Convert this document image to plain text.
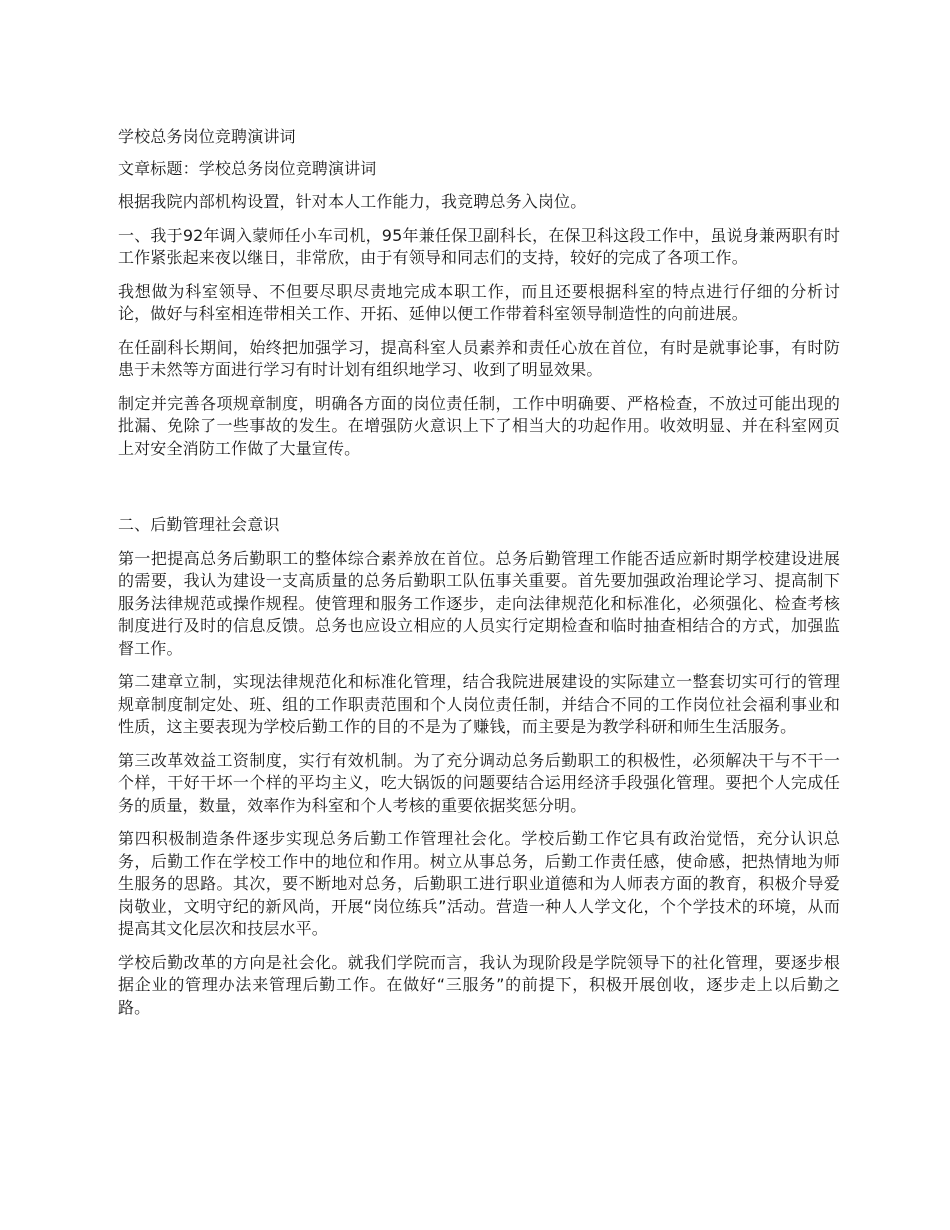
学校总务岗位竞聘演讲词

文章标题：学校总务岗位竞聘演讲词

根据我院内部机构设置，针对本人工作能力，我竞聘总务入岗位。

一、我于92年调入蒙师任小车司机，95年兼任保卫副科长，在保卫科这段工作中，虽说身兼两职有时工作紧张起来夜以继日，非常欣，由于有领导和同志们的支持，较好的完成了各项工作。

我想做为科室领导、不但要尽职尽责地完成本职工作，而且还要根据科室的特点进行仔细的分析讨论，做好与科室相连带相关工作、开拓、延伸以便工作带着科室领导制造性的向前进展。

在任副科长期间，始终把加强学习，提高科室人员素养和责任心放在首位，有时是就事论事，有时防患于未然等方面进行学习有时计划有组织地学习、收到了明显效果。

制定并完善各项规章制度，明确各方面的岗位责任制，工作中明确要、严格检查，不放过可能出现的批漏、免除了一些事故的发生。在增强防火意识上下了相当大的功起作用。收效明显、并在科室网页上对安全消防工作做了大量宣传。

二、后勤管理社会意识

第一把提高总务后勤职工的整体综合素养放在首位。总务后勤管理工作能否适应新时期学校建设进展的需要，我认为建设一支高质量的总务后勤职工队伍事关重要。首先要加强政治理论学习、提高制下服务法律规范或操作规程。使管理和服务工作逐步，走向法律规范化和标准化，必须强化、检查考核制度进行及时的信息反馈。总务也应设立相应的人员实行定期检查和临时抽查相结合的方式，加强监督工作。

第二建章立制，实现法律规范化和标准化管理，结合我院进展建设的实际建立一整套切实可行的管理规章制度制定处、班、组的工作职责范围和个人岗位责任制，并结合不同的工作岗位社会福利事业和性质，这主要表现为学校后勤工作的目的不是为了赚钱，而主要是为教学科研和师生生活服务。

第三改革效益工资制度，实行有效机制。为了充分调动总务后勤职工的积极性，必须解决干与不干一个样，干好干坏一个样的平均主义，吃大锅饭的问题要结合运用经济手段强化管理。要把个人完成任务的质量，数量，效率作为科室和个人考核的重要依据奖惩分明。

第四积极制造条件逐步实现总务后勤工作管理社会化。学校后勤工作它具有政治觉悟，充分认识总务，后勤工作在学校工作中的地位和作用。树立从事总务，后勤工作责任感，使命感，把热情地为师生服务的思路。其次，要不断地对总务，后勤职工进行职业道德和为人师表方面的教育，积极介导爱岗敬业，文明守纪的新风尚，开展“岗位练兵”活动。营造一种人人学文化，个个学技术的环境，从而提高其文化层次和技层水平。

学校后勤改革的方向是社会化。就我们学院而言，我认为现阶段是学院领导下的社化管理，要逐步根据企业的管理办法来管理后勤工作。在做好“三服务”的前提下，积极开展创收，逐步走上以后勤之路。
